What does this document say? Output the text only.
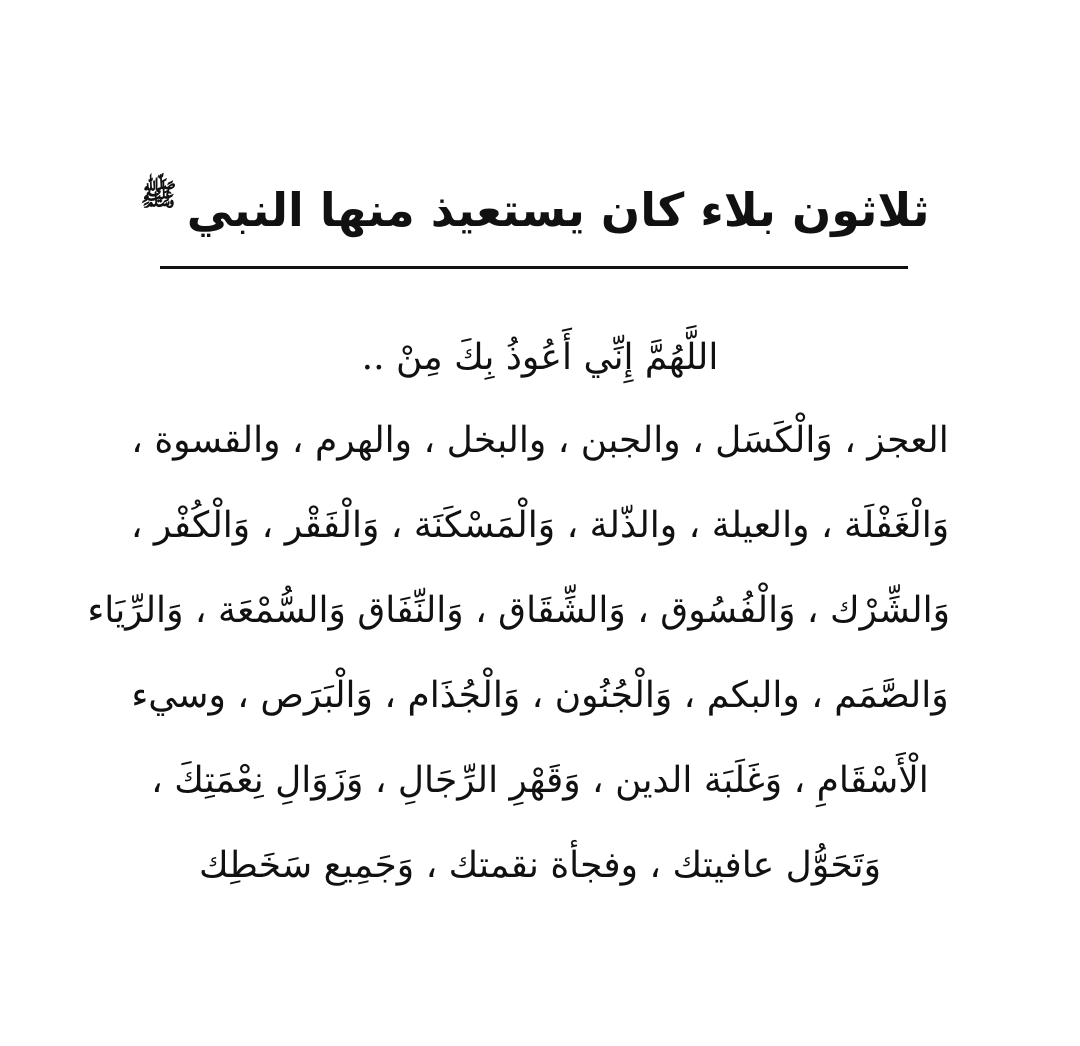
ثلاثون بلاء كان يستعيذ منها النبي
ﷺ
اللَّهُمَّ إِنِّي أَعُوذُ بِكَ مِنْ ..
العجز ، وَالْكَسَل ، والجبن ، والبخل ، والهرم ، والقسوة ،
وَالْغَفْلَة ، والعيلة ، والذّلة ، وَالْمَسْكَنَة ، وَالْفَقْر ، وَالْكُفْر ،
وَالشِّرْك ، وَالْفُسُوق ، وَالشِّقَاق ، وَالنِّفَاق وَالسُّمْعَة ، وَالرِّيَاء
وَالصَّمَم ، والبكم ، وَالْجُنُون ، وَالْجُذَام ، وَالْبَرَص ، وسيء
الْأَسْقَامِ ، وَغَلَبَة الدين ، وَقَهْرِ الرِّجَالِ ، وَزَوَالِ نِعْمَتِكَ ،
وَتَحَوُّل عافيتك ، وفجأة نقمتك ، وَجَمِيع سَخَطِك
